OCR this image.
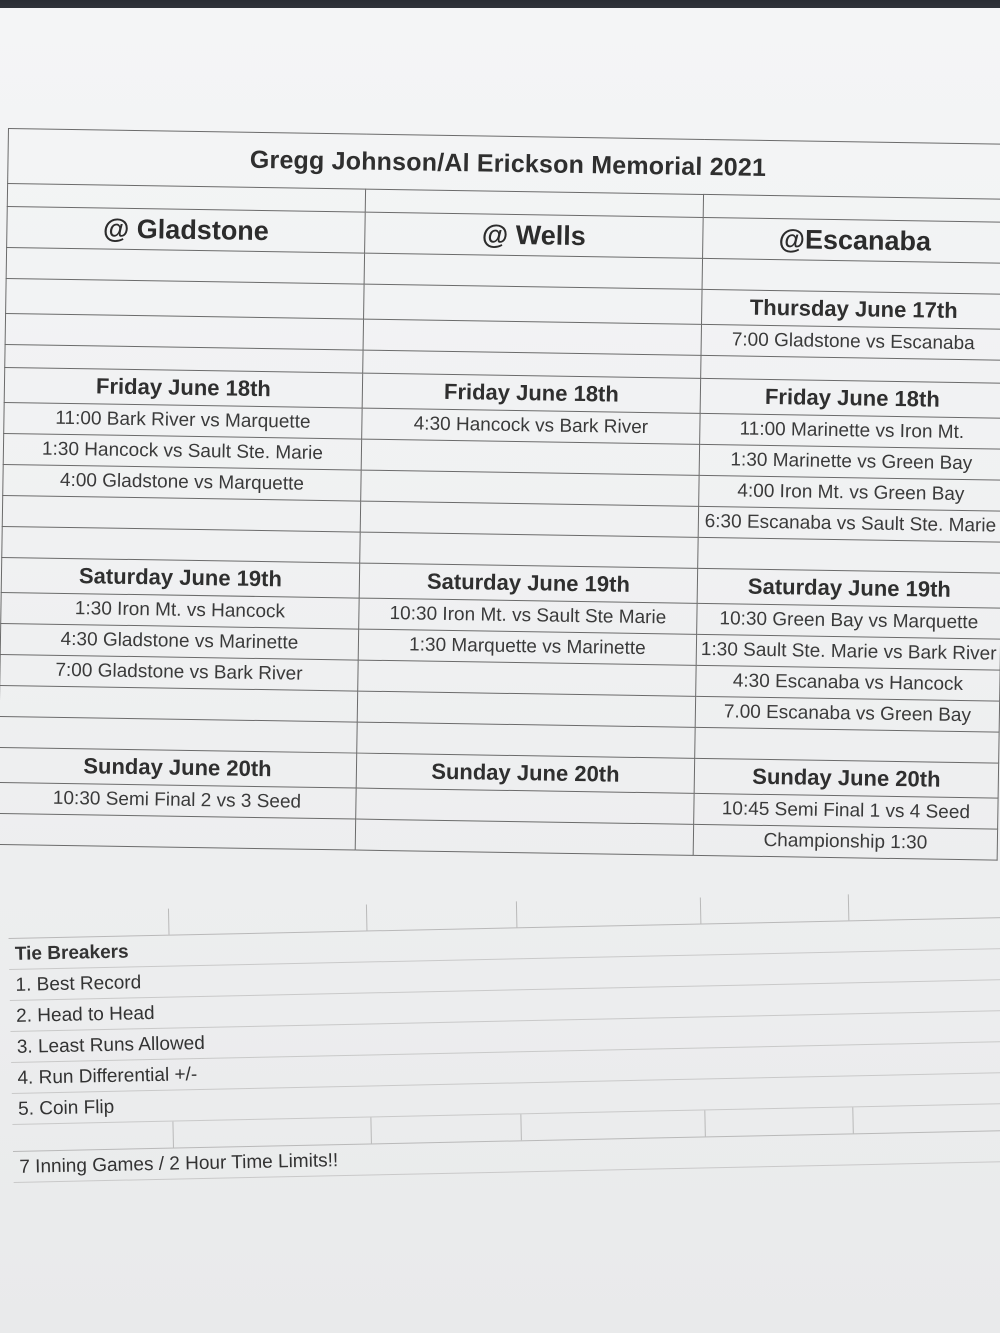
Gregg Johnson/Al Erickson Memorial 2021		

@ Gladstone	@ Wells	@Escanaba

		Thursday June 17th
		7:00 Gladstone vs Escanaba

Friday June 18th	Friday June 18th	Friday June 18th
11:00 Bark River vs Marquette	4:30 Hancock vs Bark River	11:00 Marinette vs Iron Mt.
1:30 Hancock vs Sault Ste. Marie		1:30 Marinette vs Green Bay
4:00 Gladstone vs Marquette		4:00 Iron Mt. vs Green Bay
		6:30 Escanaba vs Sault Ste. Marie

Saturday June 19th	Saturday June 19th	Saturday June 19th
1:30 Iron Mt. vs Hancock	10:30 Iron Mt. vs Sault Ste Marie	10:30 Green Bay vs Marquette
4:30 Gladstone vs Marinette	1:30 Marquette vs Marinette	1:30 Sault Ste. Marie vs Bark River
7:00 Gladstone vs Bark River		4:30 Escanaba vs Hancock
		7.00 Escanaba vs Green Bay

Sunday June 20th	Sunday June 20th	Sunday June 20th
10:30 Semi Final 2 vs 3 Seed		10:45 Semi Final 1 vs 4 Seed
		Championship 1:30
Tie Breakers
1. Best Record
2. Head to Head
3. Least Runs Allowed
4. Run Differential +/-
5. Coin Flip
7 Inning Games / 2 Hour Time Limits!!
